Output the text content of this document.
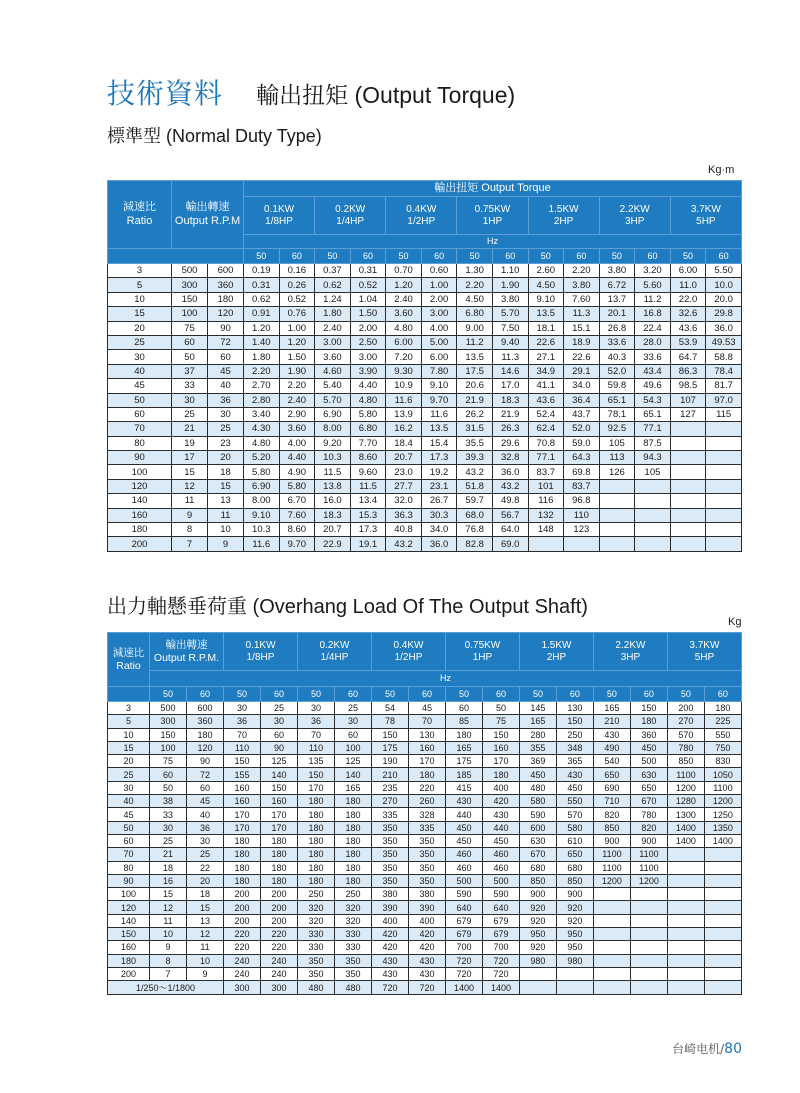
技術資料 輸出扭矩 (Output Torque)
標準型 (Normal Duty Type)
Kg·m
減速比
Ratio	輸出轉速
Output R.P.M		輸出扭矩 Output Torque														
			0.1KW
1/8HP		0.2KW
1/4HP		0.4KW
1/2HP		0.75KW
1HP		1.5KW
2HP		2.2KW
3HP		3.7KW
5HP		
			Hz														
			50	60	50	60	50	60	50	60	50	60	50	60	50	60		
3	500	600	0.19	0.16	0.37	0.31	0.70	0.60	1.30	1.10	2.60	2.20	3.80	3.20	6.00	5.50	
5	300	360	0.31	0.26	0.62	0.52	1.20	1.00	2.20	1.90	4.50	3.80	6.72	5.60	11.0	10.0	
10	150	180	0.62	0.52	1.24	1.04	2.40	2.00	4.50	3.80	9.10	7.60	13.7	11.2	22.0	20.0	
15	100	120	0.91	0.76	1.80	1.50	3.60	3.00	6.80	5.70	13.5	11.3	20.1	16.8	32.6	29.8	
20	75	90	1.20	1.00	2.40	2.00	4.80	4.00	9.00	7.50	18.1	15.1	26.8	22.4	43.6	36.0	
25	60	72	1.40	1.20	3.00	2.50	6.00	5.00	11.2	9.40	22.6	18.9	33.6	28.0	53.9	49.53	
30	50	60	1.80	1.50	3.60	3.00	7.20	6.00	13.5	11.3	27.1	22.6	40.3	33.6	64.7	58.8	
40	37	45	2.20	1.90	4.60	3.90	9.30	7.80	17.5	14.6	34.9	29.1	52.0	43.4	86.3	78.4	
45	33	40	2.70	2.20	5.40	4.40	10.9	9.10	20.6	17.0	41.1	34.0	59.8	49.6	98.5	81.7	
50	30	36	2.80	2.40	5.70	4.80	11.6	9.70	21.9	18.3	43.6	36.4	65.1	54.3	107	97.0	
60	25	30	3.40	2.90	6.90	5.80	13.9	11.6	26.2	21.9	52.4	43.7	78.1	65.1	127	115	
70	21	25	4.30	3.60	8.00	6.80	16.2	13.5	31.5	26.3	62.4	52.0	92.5	77.1			
80	19	23	4.80	4.00	9.20	7.70	18.4	15.4	35.5	29.6	70.8	59.0	105	87.5			
90	17	20	5.20	4.40	10.3	8.60	20.7	17.3	39.3	32.8	77.1	64.3	113	94.3			
100	15	18	5.80	4.90	11.5	9.60	23.0	19.2	43.2	36.0	83.7	69.8	126	105			
120	12	15	6.90	5.80	13.8	11.5	27.7	23.1	51.8	43.2	101	83.7					
140	11	13	8.00	6.70	16.0	13.4	32.0	26.7	59.7	49.8	116	96.8					
160	9	11	9.10	7.60	18.3	15.3	36.3	30.3	68.0	56.7	132	110					
180	8	10	10.3	8.60	20.7	17.3	40.8	34.0	76.8	64.0	148	123					
200	7	9	11.6	9.70	22.9	19.1	43.2	36.0	82.8	69.0							
出力軸懸垂荷重 (Overhang Load Of The Output Shaft)
Kg
減速比
Ratio	輸出轉速
Output R.P.M.		0.1KW
1/8HP		0.2KW
1/4HP		0.4KW
1/2HP		0.75KW
1HP		1.5KW
2HP		2.2KW
3HP		3.7KW
5HP	
	Hz															
	50	60	50	60	50	60	50	60	50	60	50	60	50	60	50	60
3	500	600	30	25	30	25	54	45	60	50	145	130	165	150	200	180
5	300	360	36	30	36	30	78	70	85	75	165	150	210	180	270	225
10	150	180	70	60	70	60	150	130	180	150	280	250	430	360	570	550
15	100	120	110	90	110	100	175	160	165	160	355	348	490	450	780	750
20	75	90	150	125	135	125	190	170	175	170	369	365	540	500	850	830
25	60	72	155	140	150	140	210	180	185	180	450	430	650	630	1100	1050
30	50	60	160	150	170	165	235	220	415	400	480	450	690	650	1200	1100
40	38	45	160	160	180	180	270	260	430	420	580	550	710	670	1280	1200
45	33	40	170	170	180	180	335	328	440	430	590	570	820	780	1300	1250
50	30	36	170	170	180	180	350	335	450	440	600	580	850	820	1400	1350
60	25	30	180	180	180	180	350	350	450	450	630	610	900	900	1400	1400
70	21	25	180	180	180	180	350	350	460	460	670	650	1100	1100		
80	18	22	180	180	180	180	350	350	460	460	680	680	1100	1100		
90	16	20	180	180	180	180	350	350	500	500	850	850	1200	1200		
100	15	18	200	200	250	250	380	380	590	590	900	900				
120	12	15	200	200	320	320	390	390	640	640	920	920				
140	11	13	200	200	320	320	400	400	679	679	920	920				
150	10	12	220	220	330	330	420	420	679	679	950	950				
160	9	11	220	220	330	330	420	420	700	700	920	950				
180	8	10	240	240	350	350	430	430	720	720	980	980				
200	7	9	240	240	350	350	430	430	720	720						
1/250～1/1800			300	300	480	480	720	720	1400	1400						
台崎电机/80
